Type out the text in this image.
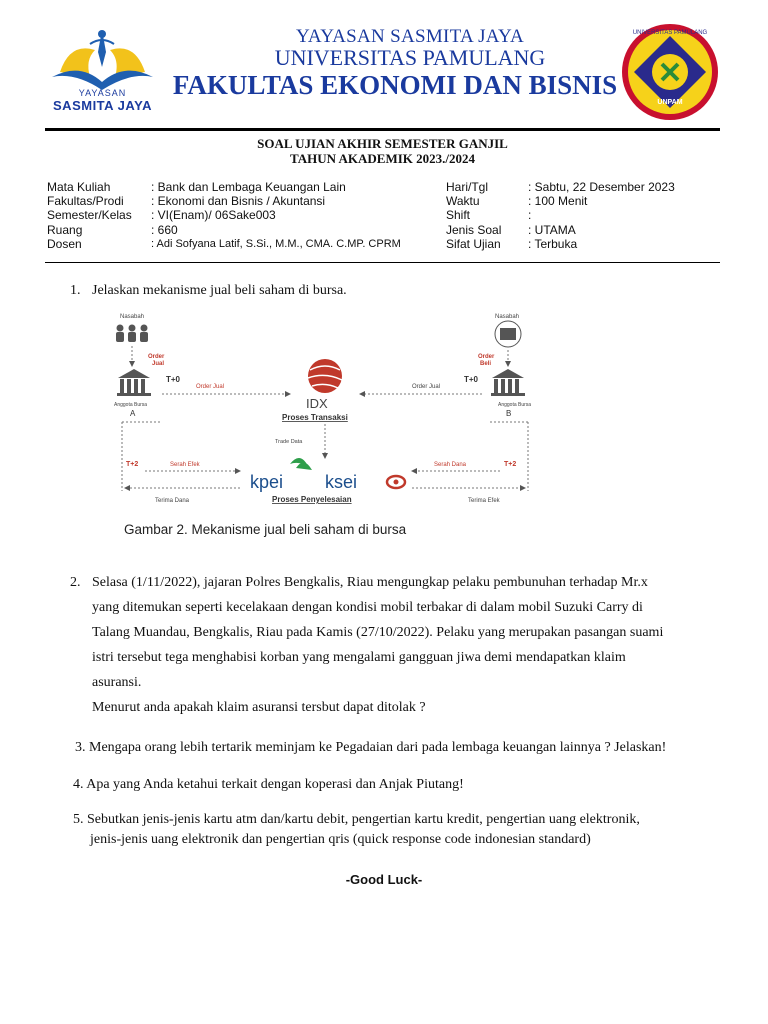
YAYASAN
SASMITA JAYA
YAYASAN SASMITA JAYA
UNIVERSITAS PAMULANG
FAKULTAS EKONOMI DAN BISNIS
UNIVERSITAS PAMULANG
UNPAM
SOAL UJIAN AKHIR SEMESTER GANJIL
TAHUN AKADEMIK 2023./2024
Mata Kuliah	: Bank dan Lembaga Keuangan Lain
Fakultas/Prodi	: Ekonomi dan Bisnis / Akuntansi
Semester/Kelas	: VI(Enam)/ 06Sake003
Ruang	: 660
Dosen	: Adi Sofyana Latif, S.Si., M.M., CMA. C.MP. CPRM
Hari/Tgl	: Sabtu, 22 Desember 2023
Waktu	: 100 Menit
Shift	:
Jenis Soal	: UTAMA
Sifat Ujian	: Terbuka
1. Jelaskan mekanisme jual beli saham di bursa.
Nasabah
Order
Jual
Anggota Bursa
A
T+0
Order Jual
IDX
Proses Transaksi
Trade Data
Nasabah
Order
Beli
Anggota Bursa
B
T+0
Order Jual
T+2	Serah Efek
Terima Dana
T+2
Serah Dana
Terima Efek
kpei ksei
Proses Penyelesaian
Gambar 2. Mekanisme jual beli saham di bursa
2. Selasa (1/11/2022), jajaran Polres Bengkalis, Riau mengungkap pelaku pembunuhan terhadap Mr.x
yang ditemukan seperti kecelakaan dengan kondisi mobil terbakar di dalam mobil Suzuki Carry di
Talang Muandau, Bengkalis, Riau pada Kamis (27/10/2022). Pelaku yang merupakan pasangan suami
istri tersebut tega menghabisi korban yang mengalami gangguan jiwa demi mendapatkan klaim
asuransi.
Menurut anda apakah klaim asuransi tersbut dapat ditolak ?
3. Mengapa orang lebih tertarik meminjam ke Pegadaian dari pada lembaga keuangan lainnya ? Jelaskan!
4. Apa yang Anda ketahui terkait dengan koperasi dan Anjak Piutang!
5. Sebutkan jenis-jenis kartu atm dan/kartu debit, pengertian kartu kredit, pengertian uang elektronik,
jenis-jenis uang elektronik dan pengertian qris (quick response code indonesian standard)
-Good Luck-
